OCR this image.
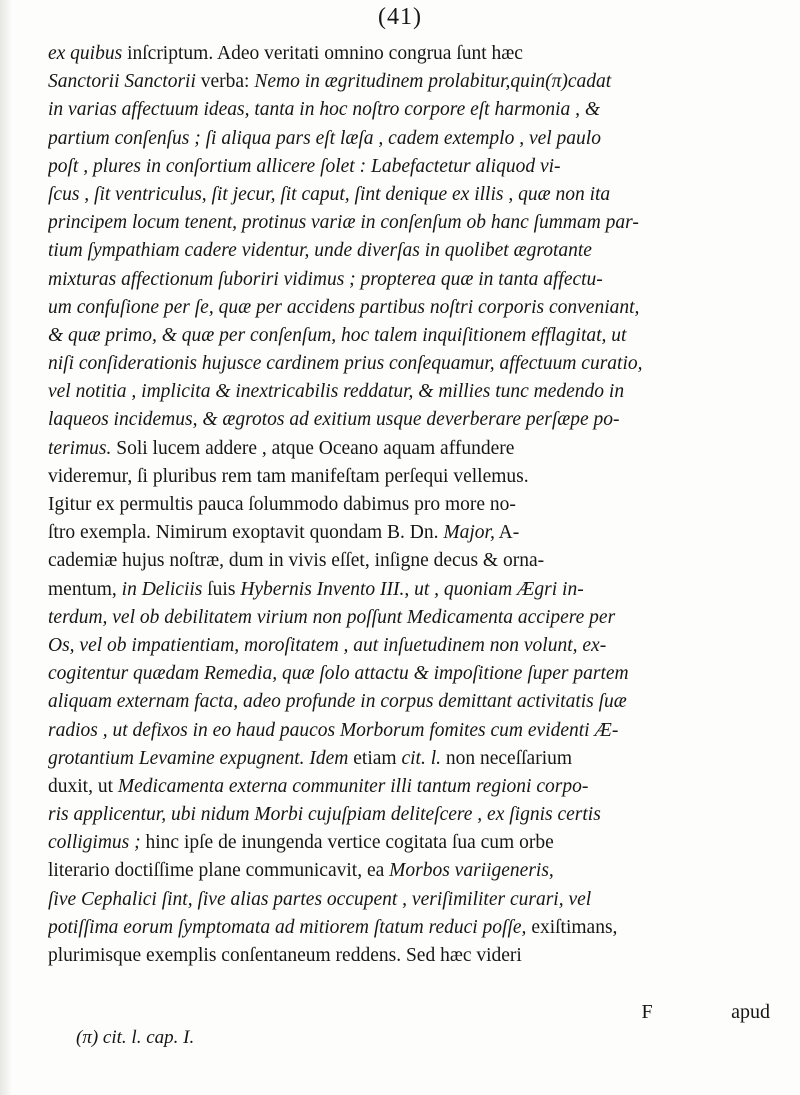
(41)
ex quibus inſcriptum. Adeo veritati omnino congrua ſunt hæc
Sanctorii Sanctorii verba: Nemo in ægritudinem prolabitur,quin(π)cadat
in varias affectuum ideas, tanta in hoc noſtro corpore eſt harmonia , &
partium conſenſus ; ſi aliqua pars eſt læſa , cadem extemplo , vel paulo
poſt , plures in conſortium allicere ſolet : Labefactetur aliquod vi-
ſcus , ſit ventriculus, ſit jecur, ſit caput, ſint denique ex illis , quæ non ita
principem locum tenent, protinus variæ in conſenſum ob hanc ſummam par-
tium ſympathiam cadere videntur, unde diverſas in quolibet ægrotante
mixturas affectionum ſuboriri vidimus ; propterea quæ in tanta affectu-
um confuſione per ſe, quæ per accidens partibus noſtri corporis conveniant,
& quæ primo, & quæ per conſenſum, hoc talem inquiſitionem efflagitat, ut
niſi conſiderationis hujusce cardinem prius conſequamur, affectuum curatio,
vel notitia , implicita & inextricabilis reddatur, & millies tunc medendo in
laqueos incidemus, & ægrotos ad exitium usque deverberare perſæpe po-
terimus. Soli lucem addere , atque Oceano aquam affundere
videremur, ſi pluribus rem tam manifeſtam perſequi vellemus.
Igitur ex permultis pauca ſolummodo dabimus pro more no-
ſtro exempla. Nimirum exoptavit quondam B. Dn. Major, A-
cademiæ hujus noſtræ, dum in vivis eſſet, inſigne decus & orna-
mentum, in Deliciis ſuis Hybernis Invento III., ut , quoniam Ægri in-
terdum, vel ob debilitatem virium non poſſunt Medicamenta accipere per
Os, vel ob impatientiam, moroſitatem , aut inſuetudinem non volunt, ex-
cogitentur quædam Remedia, quæ ſolo attactu & impoſitione ſuper partem
aliquam externam facta, adeo profunde in corpus demittant activitatis ſuæ
radios , ut defixos in eo haud paucos Morborum fomites cum evidenti Æ-
grotantium Levamine expugnent. Idem etiam cit. l. non neceſſarium
duxit, ut Medicamenta externa communiter illi tantum regioni corpo-
ris applicentur, ubi nidum Morbi cujuſpiam deliteſcere , ex ſignis certis
colligimus ; hinc ipſe de inungenda vertice cogitata ſua cum orbe
literario doctiſſime plane communicavit, ea Morbos variigeneris,
ſive Cephalici ſint, ſive alias partes occupent , veriſimiliter curari, vel
potiſſima eorum ſymptomata ad mitiorem ſtatum reduci poſſe, exiſtimans,
plurimisque exemplis conſentaneum reddens. Sed hæc videri
F	apud
(π) cit. l. cap. I.
